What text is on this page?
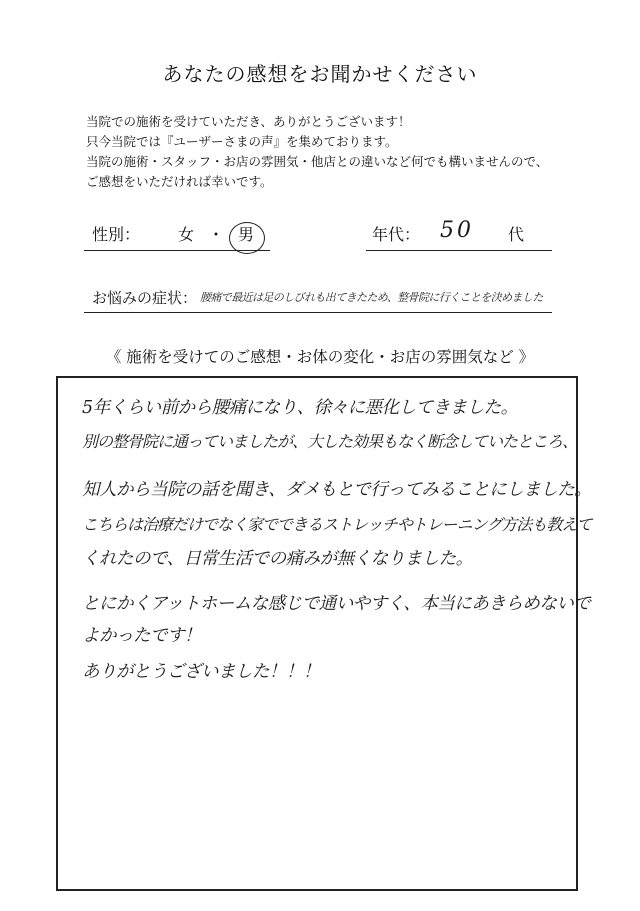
あなたの感想をお聞かせください
当院での施術を受けていただき、ありがとうございます！
只今当院では『ユーザーさまの声』を集めております。
当院の施術・スタッフ・お店の雰囲気・他店との違いなど何でも構いませんので、
ご感想をいただければ幸いです。
性別： 女 ・ 男	年代： 50 代
お悩みの症状： 腰痛で最近は足のしびれも出てきたため、整骨院に行くことを決めました
《 施術を受けてのご感想・お体の変化・お店の雰囲気など 》
5年くらい前から腰痛になり、徐々に悪化してきました。
別の整骨院に通っていましたが、大した効果もなく断念していたところ、
知人から当院の話を聞き、ダメもとで行ってみることにしました。
こちらは治療だけでなく家でできるストレッチやトレーニング方法も教えて
くれたので、日常生活での痛みが無くなりました。
とにかくアットホームな感じで通いやすく、本当にあきらめないで
よかったです！
ありがとうございました！！！
